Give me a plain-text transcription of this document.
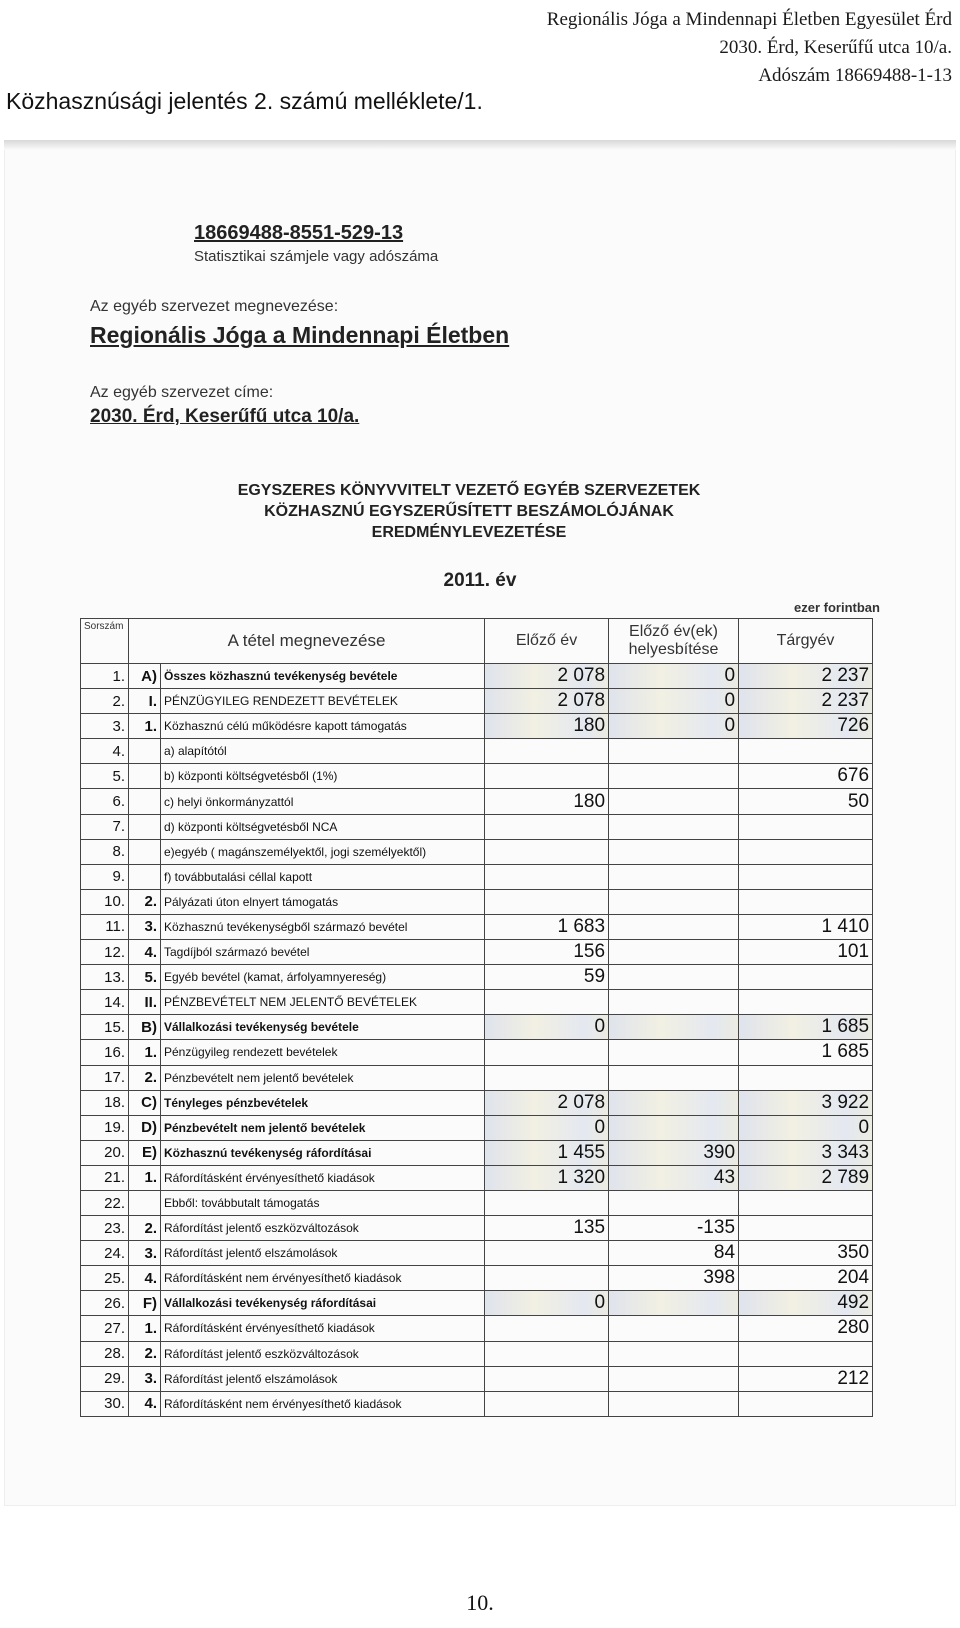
Regionális Jóga a Mindennapi Életben Egyesület Érd
2030. Érd, Keserűfű utca 10/a.
Adószám 18669488-1-13
Közhasznúsági jelentés 2. számú melléklete/1.
18669488-8551-529-13
Statisztikai számjele vagy adószáma
Az egyéb szervezet megnevezése:
Regionális Jóga a Mindennapi Életben
Az egyéb szervezet címe:
2030. Érd, Keserűfű utca 10/a.
EGYSZERES KÖNYVVITELT VEZETŐ EGYÉB SZERVEZETEK
KÖZHASZNÚ EGYSZERŰSÍTETT BESZÁMOLÓJÁNAK
EREDMÉNYLEVEZETÉSE
2011. év
ezer forintban
Sorszám	A tétel megnevezése		Előző év	Előző év(ek) helyesbítése	Tárgyév
1.	A)	Összes közhasznú tevékenység bevétele	2 078	0	2 237
2.	I.	PÉNZÜGYILEG RENDEZETT BEVÉTELEK	2 078	0	2 237
3.	1.	Közhasznú célú működésre kapott támogatás	180	0	726
4.		a) alapítótól			
5.		b) központi költségvetésből (1%)			676
6.		c) helyi önkormányzattól	180		50
7.		d) központi költségvetésből NCA			
8.		e)egyéb ( magánszemélyektől, jogi személyektől)			
9.		f) továbbutalási céllal kapott			
10.	2.	Pályázati úton elnyert támogatás			
11.	3.	Közhasznú tevékenységből származó bevétel	1 683		1 410
12.	4.	Tagdíjból származó bevétel	156		101
13.	5.	Egyéb bevétel (kamat, árfolyamnyereség)	59		
14.	II.	PÉNZBEVÉTELT NEM JELENTŐ BEVÉTELEK			
15.	B)	Vállalkozási tevékenység bevétele	0		1 685
16.	1.	Pénzügyileg rendezett bevételek			1 685
17.	2.	Pénzbevételt nem jelentő bevételek			
18.	C)	Tényleges pénzbevételek	2 078		3 922
19.	D)	Pénzbevételt nem jelentő bevételek	0		0
20.	E)	Közhasznú tevékenység ráfordításai	1 455	390	3 343
21.	1.	Ráfordításként érvényesíthető kiadások	1 320	43	2 789
22.		Ebből: továbbutalt támogatás			
23.	2.	Ráfordítást jelentő eszközváltozások	135	-135	
24.	3.	Ráfordítást jelentő elszámolások		84	350
25.	4.	Ráfordításként nem érvényesíthető kiadások		398	204
26.	F)	Vállalkozási tevékenység ráfordításai	0		492
27.	1.	Ráfordításként érvényesíthető kiadások			280
28.	2.	Ráfordítást jelentő eszközváltozások			
29.	3.	Ráfordítást jelentő elszámolások			212
30.	4.	Ráfordításként nem érvényesíthető kiadások			
10.
